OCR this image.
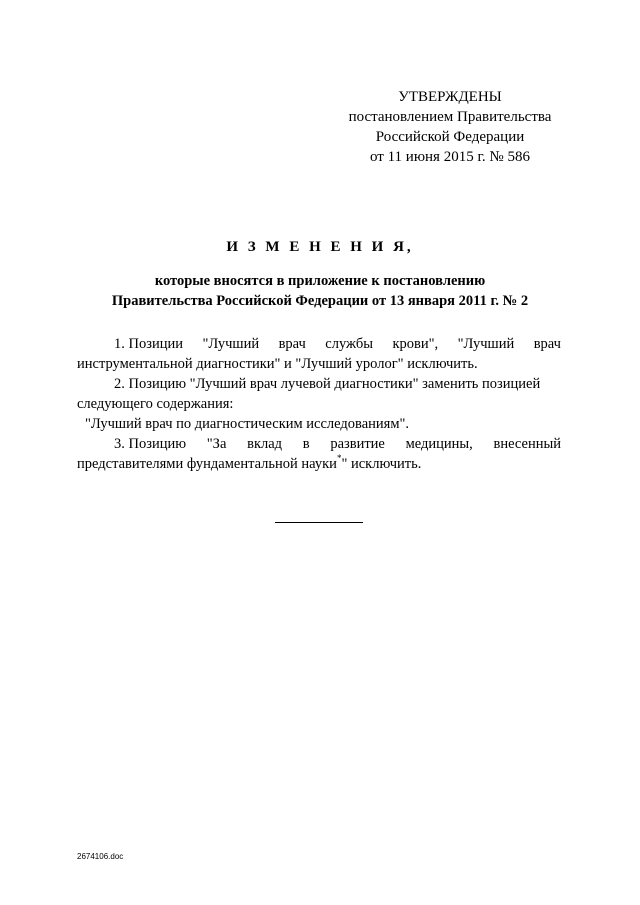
УТВЕРЖДЕНЫ
постановлением Правительства
Российской Федерации
от 11 июня 2015 г. № 586
И З М Е Н Е Н И Я,
которые вносятся в приложение к постановлению
Правительства Российской Федерации от 13 января 2011 г. № 2
1. Позиции "Лучший врач службы крови", "Лучший врач
инструментальной диагностики" и "Лучший уролог" исключить.
2. Позицию "Лучший врач лучевой диагностики" заменить позицией
следующего содержания:
"Лучший врач по диагностическим исследованиям".
3. Позицию "За вклад в развитие медицины, внесенный
представителями фундаментальной науки*" исключить.
2674106.doc
